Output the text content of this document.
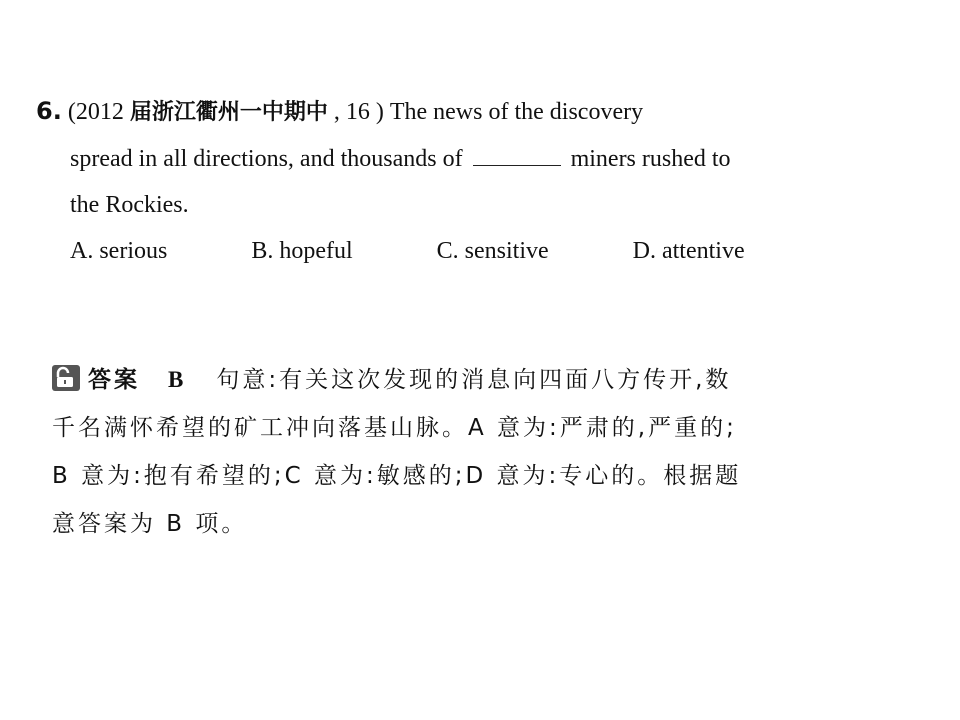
6. (2012 届浙江衢州一中期中 , 16 ) The news of the discovery
spread in all directions, and thousands of	miners rushed to
the Rockies.
A. serious	B. hopeful	C. sensitive	D. attentive
答案 B 句意:有关这次发现的消息向四面八方传开,数
千名满怀希望的矿工冲向落基山脉。A 意为:严肃的,严重的;
B 意为:抱有希望的;C 意为:敏感的;D 意为:专心的。根据题
意答案为 B 项。
